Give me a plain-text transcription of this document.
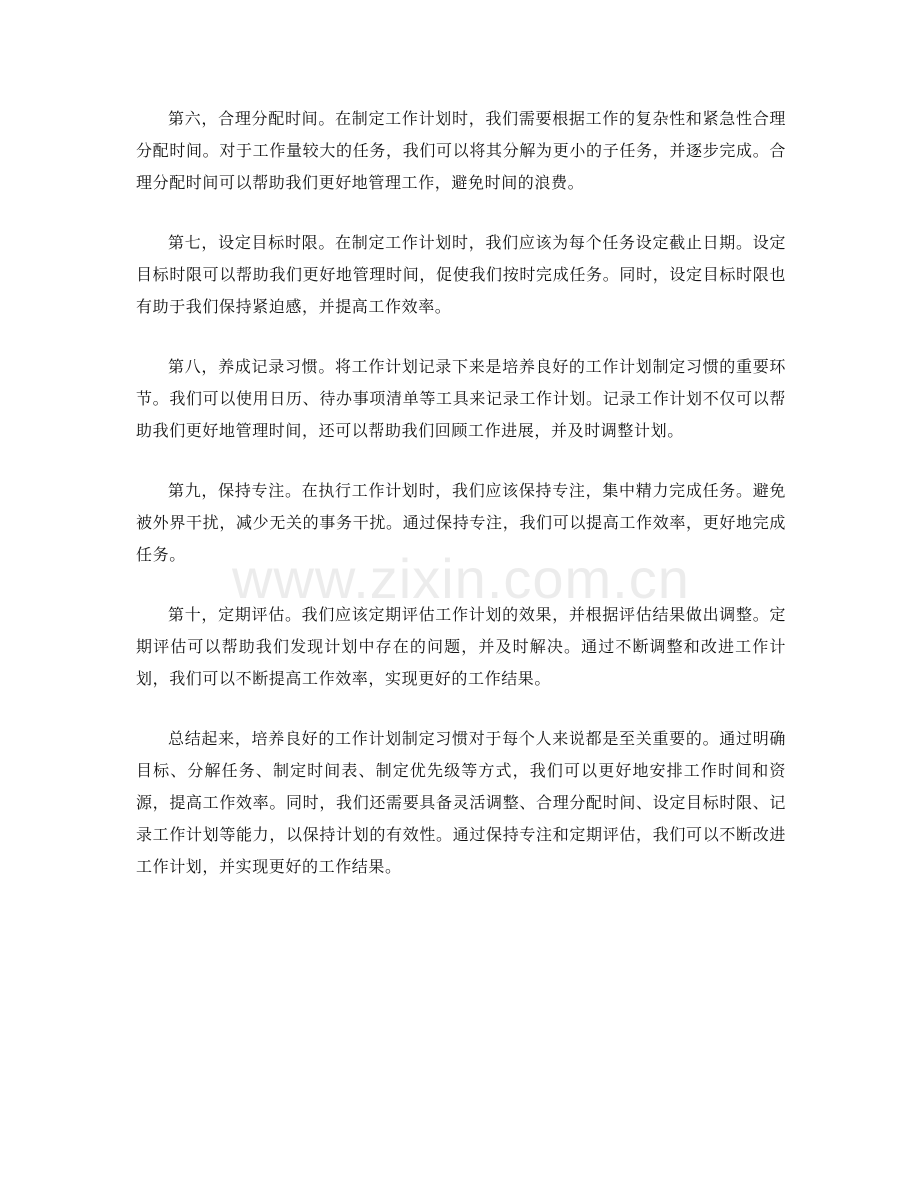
第六，合理分配时间。在制定工作计划时，我们需要根据工作的复杂性和紧急性合理分配时间。对于工作量较大的任务，我们可以将其分解为更小的子任务，并逐步完成。合理分配时间可以帮助我们更好地管理工作，避免时间的浪费。

第七，设定目标时限。在制定工作计划时，我们应该为每个任务设定截止日期。设定目标时限可以帮助我们更好地管理时间，促使我们按时完成任务。同时，设定目标时限也有助于我们保持紧迫感，并提高工作效率。

第八，养成记录习惯。将工作计划记录下来是培养良好的工作计划制定习惯的重要环节。我们可以使用日历、待办事项清单等工具来记录工作计划。记录工作计划不仅可以帮助我们更好地管理时间，还可以帮助我们回顾工作进展，并及时调整计划。

第九，保持专注。在执行工作计划时，我们应该保持专注，集中精力完成任务。避免被外界干扰，减少无关的事务干扰。通过保持专注，我们可以提高工作效率，更好地完成任务。

第十，定期评估。我们应该定期评估工作计划的效果，并根据评估结果做出调整。定期评估可以帮助我们发现计划中存在的问题，并及时解决。通过不断调整和改进工作计划，我们可以不断提高工作效率，实现更好的工作结果。

总结起来，培养良好的工作计划制定习惯对于每个人来说都是至关重要的。通过明确目标、分解任务、制定时间表、制定优先级等方式，我们可以更好地安排工作时间和资源，提高工作效率。同时，我们还需要具备灵活调整、合理分配时间、设定目标时限、记录工作计划等能力，以保持计划的有效性。通过保持专注和定期评估，我们可以不断改进工作计划，并实现更好的工作结果。

www.zixin.com.cn
